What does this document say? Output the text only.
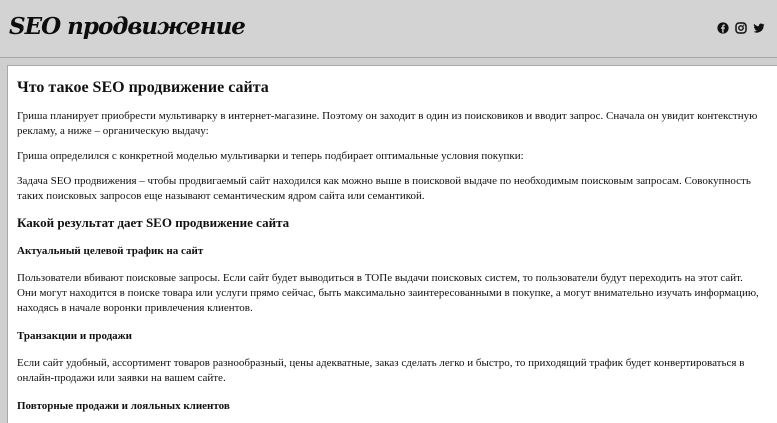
SEO продвижение
Что такое SEO продвижение сайта

Гриша планирует приобрести мультиварку в интернет-магазине. Поэтому он заходит в один из поисковиков и вводит запрос. Сначала он увидит контекстную рекламу, а ниже – органическую выдачу:

Гриша определился с конкретной моделью мультиварки и теперь подбирает оптимальные условия покупки:

Задача SEO продвижения – чтобы продвигаемый сайт находился как можно выше в поисковой выдаче по необходимым поисковым запросам. Совокупность таких поисковых запросов еще называют семантическим ядром сайта или семантикой.

Какой результат дает SEO продвижение сайта
Актуальный целевой трафик на сайт

Пользователи вбивают поисковые запросы. Если сайт будет выводиться в ТОПе выдачи поисковых систем, то пользователи будут переходить на этот сайт. Они могут находится в поиске товара или услуги прямо сейчас, быть максимально заинтересованными в покупке, а могут внимательно изучать информацию, находясь в начале воронки привлечения клиентов.

Транзакции и продажи

Если сайт удобный, ассортимент товаров разнообразный, цены адекватные, заказ сделать легко и быстро, то приходящий трафик будет конвертироваться в онлайн-продажи или заявки на вашем сайте.

Повторные продажи и лояльных клиентов
